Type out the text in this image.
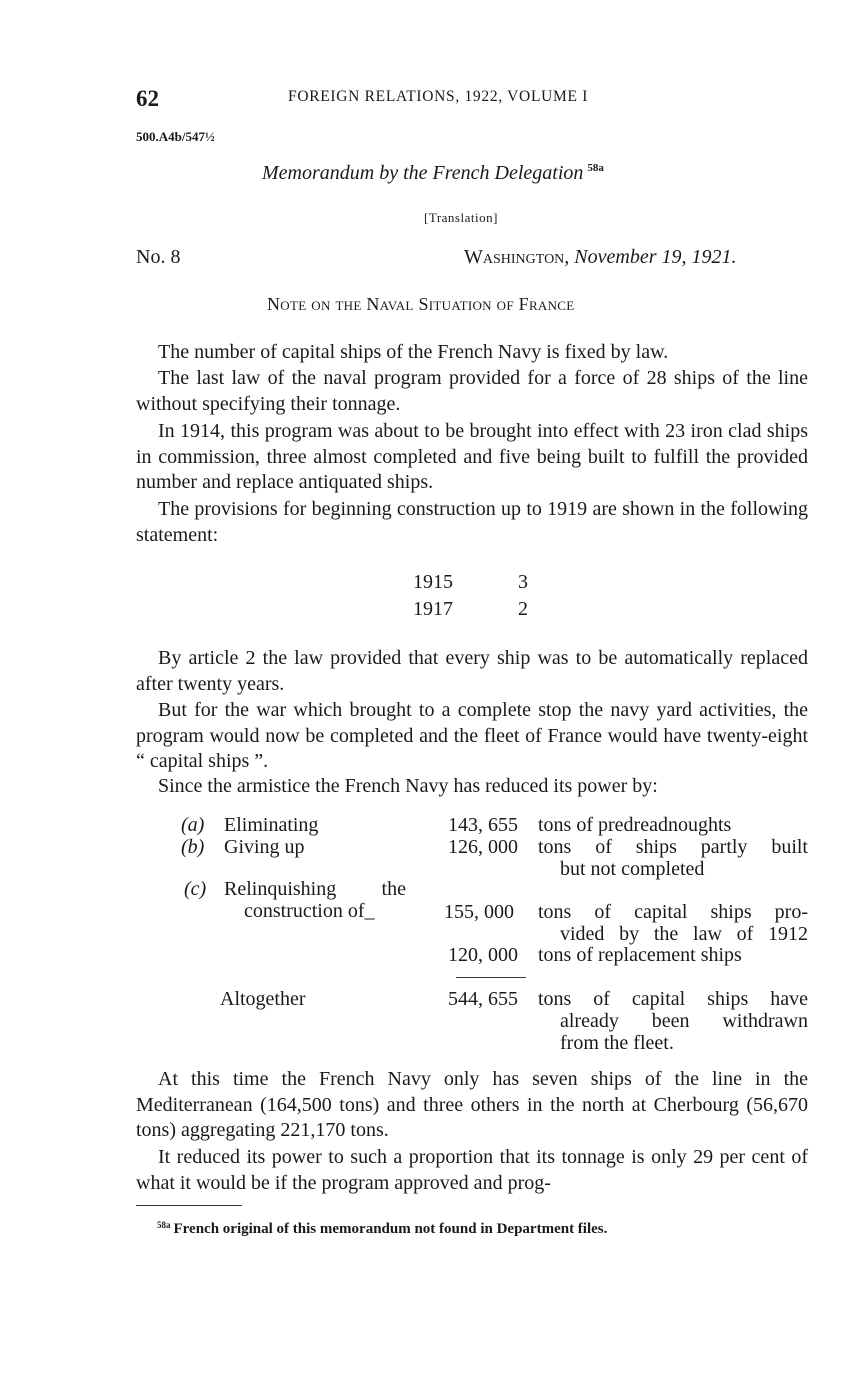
62	FOREIGN RELATIONS, 1922, VOLUME I
500.A4b/547½
Memorandum by the French Delegation $^{58a}$
[Translation]
No. 8	Washington, November 19, 1921.
Note on the Naval Situation of France

The number of capital ships of the French Navy is fixed by law.

The last law of the naval program provided for a force of 28 ships of the line without specifying their tonnage.

In 1914, this program was about to be brought into effect with 23 iron clad ships in commission, three almost completed and five being built to fulfill the provided number and replace antiquated ships.

The provisions for beginning construction up to 1919 are shown in the following statement:

1915	3
1917	2

By article 2 the law provided that every ship was to be automatically replaced after twenty years.

But for the war which brought to a complete stop the navy yard activities, the program would now be completed and the fleet of France would have twenty-eight “ capital ships ”.

Since the armistice the French Navy has reduced its power by:

(a) Eliminating	143, 655 tons of predreadnoughts
(b) Giving up	126, 000 tons of ships partly built
but not completed
(c) Relinquishing the
construction of_	155, 000 tons of capital ships pro-
vided by the law of 1912
120, 000 tons of replacement ships
Altogether	544, 655 tons of capital ships have
already been withdrawn
from the fleet.

At this time the French Navy only has seven ships of the line in the Mediterranean (164,500 tons) and three others in the north at Cherbourg (56,670 tons) aggregating 221,170 tons.

It reduced its power to such a proportion that its tonnage is only 29 per cent of what it would be if the program approved and prog-

$^{58a}$ French original of this memorandum not found in Department files.
